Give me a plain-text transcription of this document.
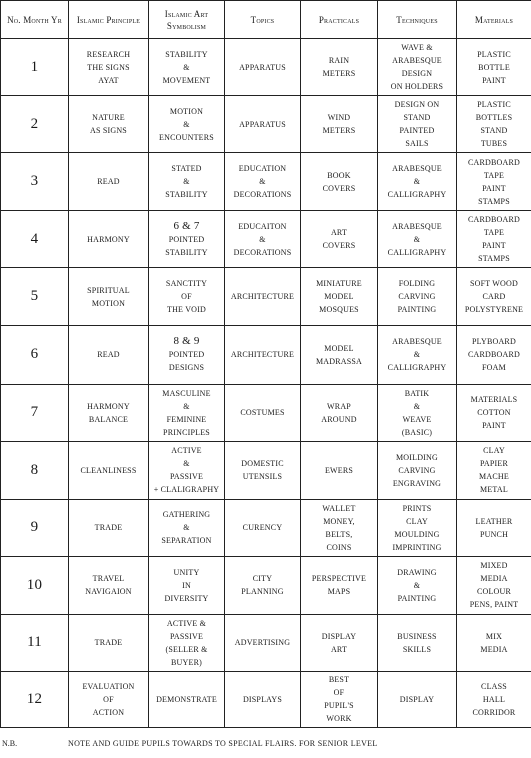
No. Month Yr	Islamic Principle	Islamic Art Symbolism	Topics	Practicals	Techniques	Materials
1	RESEARCH
THE SIGNS
AYAT	STABILITY
&
MOVEMENT	APPARATUS	RAIN
METERS	WAVE &
ARABESQUE
DESIGN
ON HOLDERS	PLASTIC
BOTTLE
PAINT

2	NATURE
AS SIGNS	MOTION
&
ENCOUNTERS	APPARATUS	WIND
METERS	DESIGN ON
STAND
PAINTED
SAILS	PLASTIC
BOTTLES
STAND
TUBES

3	READ	STATED
&
STABILITY	EDUCATION
&
DECORATIONS	BOOK
COVERS	ARABESQUE
&
CALLIGRAPHY	CARDBOARD
TAPE
PAINT
STAMPS

4	HARMONY	6 & 7
POINTED
STABILITY	EDUCAITON
&
DECORATIONS	ART
COVERS	ARABESQUE
&
CALLIGRAPHY	CARDBOARD
TAPE
PAINT
STAMPS

5	SPIRITUAL
MOTION	SANCTITY
OF
THE VOID	ARCHITECTURE	MINIATURE
MODEL
MOSQUES	FOLDING
CARVING
PAINTING	SOFT WOOD
CARD
POLYSTYRENE

6	READ	8 & 9
POINTED
DESIGNS	ARCHITECTURE	MODEL
MADRASSA	ARABESQUE
&
CALLIGRAPHY	PLYBOARD
CARDBOARD
FOAM

7	HARMONY
BALANCE	MASCULINE
&
FEMININE
PRINCIPLES	COSTUMES	WRAP
AROUND	BATIK
&
WEAVE
(BASIC)	MATERIALS
COTTON
PAINT

8	CLEANLINESS	ACTIVE
&
PASSIVE
+ CLALIGRAPHY	DOMESTIC
UTENSILS	EWERS	MOILDING
CARVING
ENGRAVING	CLAY
PAPIER
MACHE
METAL

9	TRADE	GATHERING
&
SEPARATION	CURENCY	WALLET
MONEY,
BELTS,
COINS	PRINTS
CLAY
MOULDING
IMPRINTING	LEATHER
PUNCH

10	TRAVEL
NAVIGAION	UNITY
IN
DIVERSITY	CITY
PLANNING	PERSPECTIVE
MAPS	DRAWING
&
PAINTING	MIXED
MEDIA
COLOUR
PENS, PAINT

11	TRADE	ACTIVE &
PASSIVE
(SELLER &
BUYER)	ADVERTISING	DISPLAY
ART	BUSINESS
SKILLS	MIX
MEDIA

12	EVALUATION
OF
ACTION	DEMONSTRATE	DISPLAYS	BEST
OF
PUPIL'S
WORK	DISPLAY	CLASS
HALL
CORRIDOR
N.B.	NOTE AND GUIDE PUPILS TOWARDS TO SPECIAL FLAIRS. FOR SENIOR LEVEL
